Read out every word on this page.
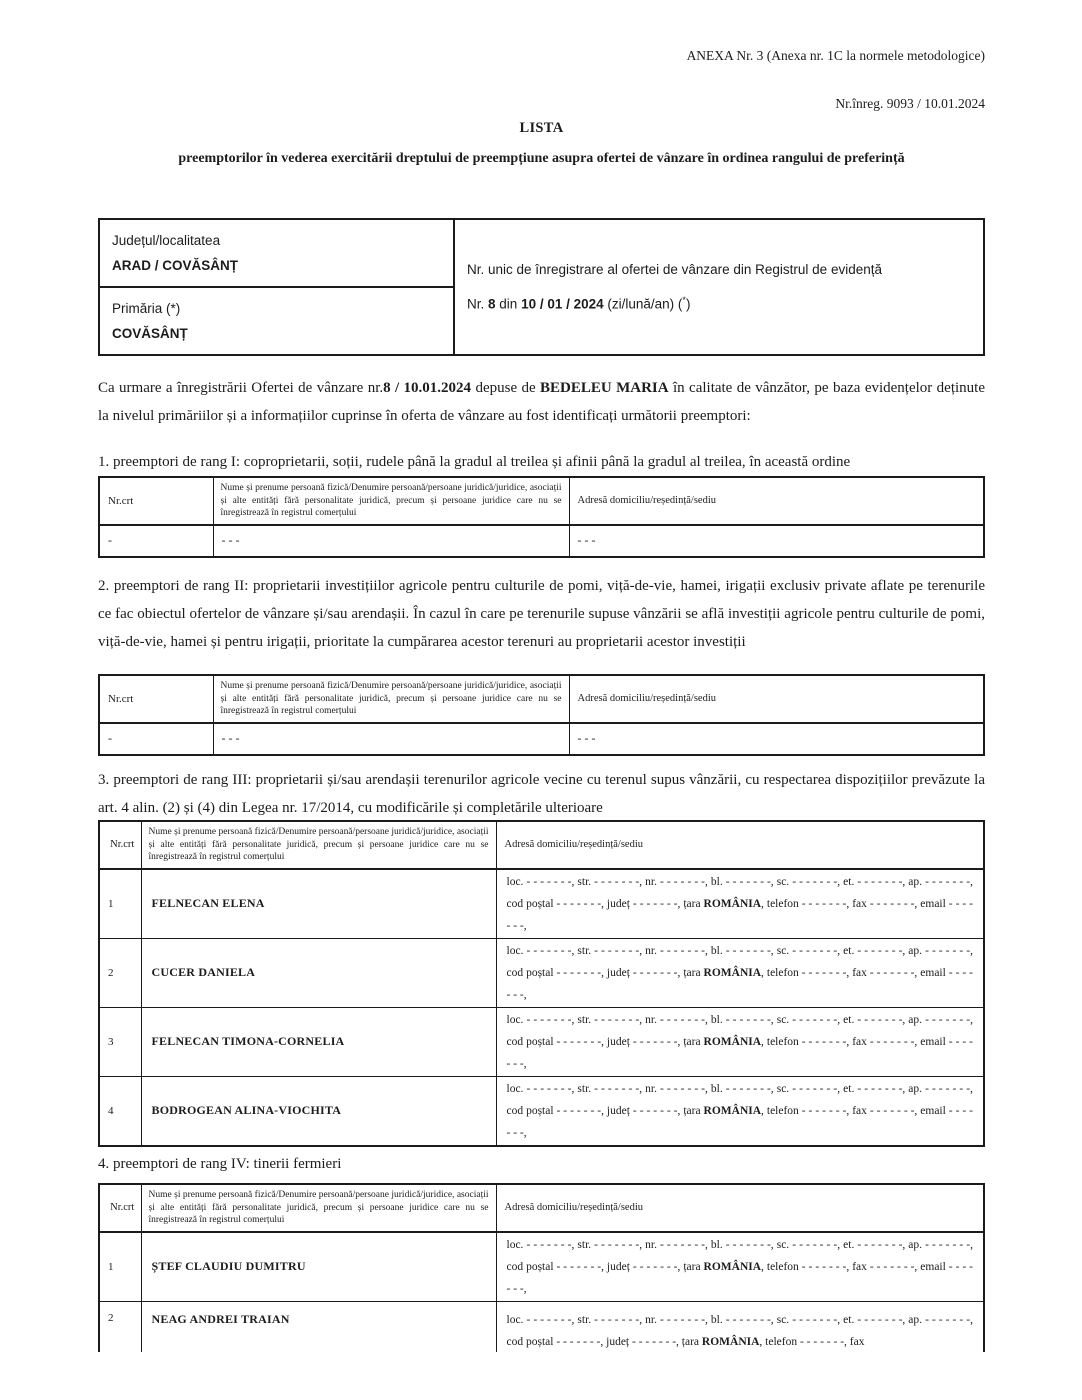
ANEXA Nr. 3 (Anexa nr. 1C la normele metodologice)
Nr.înreg. 9093 / 10.01.2024
LISTA
preemptorilor în vederea exercitării dreptului de preempțiune asupra ofertei de vânzare în ordinea rangului de preferință
Județul/localitatea
ARAD / COVĂSÂNȚ	Nr. unic de înregistrare al ofertei de vânzare din Registrul de evidență
Nr. 8 din 10 / 01 / 2024 (zi/lună/an) (*)

Primăria (*)
COVĂSÂNȚ
Ca urmare a înregistrării Ofertei de vânzare nr.8 / 10.01.2024 depuse de BEDELEU MARIA în calitate de vânzător, pe baza evidențelor deținute la nivelul primăriilor și a informațiilor cuprinse în oferta de vânzare au fost identificați următorii preemptori:
1. preemptori de rang I: coproprietarii, soții, rudele până la gradul al treilea și afinii până la gradul al treilea, în această ordine
Nr.crt	Nume și prenume persoană fizică/Denumire persoană/persoane juridică/juridice, asociații și alte entități fără personalitate juridică, precum și persoane juridice care nu se înregistrează în registrul comerțului	Adresă domiciliu/reședință/sediu
-	- - -	- - -
2. preemptori de rang II: proprietarii investițiilor agricole pentru culturile de pomi, viță-de-vie, hamei, irigații exclusiv private aflate pe terenurile ce fac obiectul ofertelor de vânzare și/sau arendașii. În cazul în care pe terenurile supuse vânzării se află investiții agricole pentru culturile de pomi, viță-de-vie, hamei și pentru irigații, prioritate la cumpărarea acestor terenuri au proprietarii acestor investiții
Nr.crt	Nume și prenume persoană fizică/Denumire persoană/persoane juridică/juridice, asociații și alte entități fără personalitate juridică, precum și persoane juridice care nu se înregistrează în registrul comerțului	Adresă domiciliu/reședință/sediu
-	- - -	- - -
3. preemptori de rang III: proprietarii și/sau arendașii terenurilor agricole vecine cu terenul supus vânzării, cu respectarea dispozițiilor prevăzute la art. 4 alin. (2) și (4) din Legea nr. 17/2014, cu modificările și completările ulterioare
Nr.crt	Nume și prenume persoană fizică/Denumire persoană/persoane juridică/juridice, asociații și alte entități fără personalitate juridică, precum și persoane juridice care nu se înregistrează în registrul comerțului	Adresă domiciliu/reședință/sediu
1	FELNECAN ELENA	loc. - - - - - - -, str. - - - - - - -, nr. - - - - - - -, bl. - - - - - - -, sc. - - - - - - -, et. - - - - - - -, ap. - - - - - - -, cod poștal - - - - - - -, județ - - - - - - -, țara ROMÂNIA, telefon - - - - - - -, fax - - - - - - -, email - - - - - - -,
2	CUCER DANIELA	loc. - - - - - - -, str. - - - - - - -, nr. - - - - - - -, bl. - - - - - - -, sc. - - - - - - -, et. - - - - - - -, ap. - - - - - - -, cod poștal - - - - - - -, județ - - - - - - -, țara ROMÂNIA, telefon - - - - - - -, fax - - - - - - -, email - - - - - - -,
3	FELNECAN TIMONA-CORNELIA	loc. - - - - - - -, str. - - - - - - -, nr. - - - - - - -, bl. - - - - - - -, sc. - - - - - - -, et. - - - - - - -, ap. - - - - - - -, cod poștal - - - - - - -, județ - - - - - - -, țara ROMÂNIA, telefon - - - - - - -, fax - - - - - - -, email - - - - - - -,
4	BODROGEAN ALINA-VIOCHITA	loc. - - - - - - -, str. - - - - - - -, nr. - - - - - - -, bl. - - - - - - -, sc. - - - - - - -, et. - - - - - - -, ap. - - - - - - -, cod poștal - - - - - - -, județ - - - - - - -, țara ROMÂNIA, telefon - - - - - - -, fax - - - - - - -, email - - - - - - -,
4. preemptori de rang IV: tinerii fermieri
Nr.crt	Nume și prenume persoană fizică/Denumire persoană/persoane juridică/juridice, asociații și alte entități fără personalitate juridică, precum și persoane juridice care nu se înregistrează în registrul comerțului	Adresă domiciliu/reședință/sediu
1	ȘTEF CLAUDIU DUMITRU	loc. - - - - - - -, str. - - - - - - -, nr. - - - - - - -, bl. - - - - - - -, sc. - - - - - - -, et. - - - - - - -, ap. - - - - - - -, cod poștal - - - - - - -, județ - - - - - - -, țara ROMÂNIA, telefon - - - - - - -, fax - - - - - - -, email - - - - - - -,
2	NEAG ANDREI TRAIAN	loc. - - - - - - -, str. - - - - - - -, nr. - - - - - - -, bl. - - - - - - -, sc. - - - - - - -, et. - - - - - - -, ap. - - - - - - -, cod poștal - - - - - - -, județ - - - - - - -, țara ROMÂNIA, telefon - - - - - - -, fax
